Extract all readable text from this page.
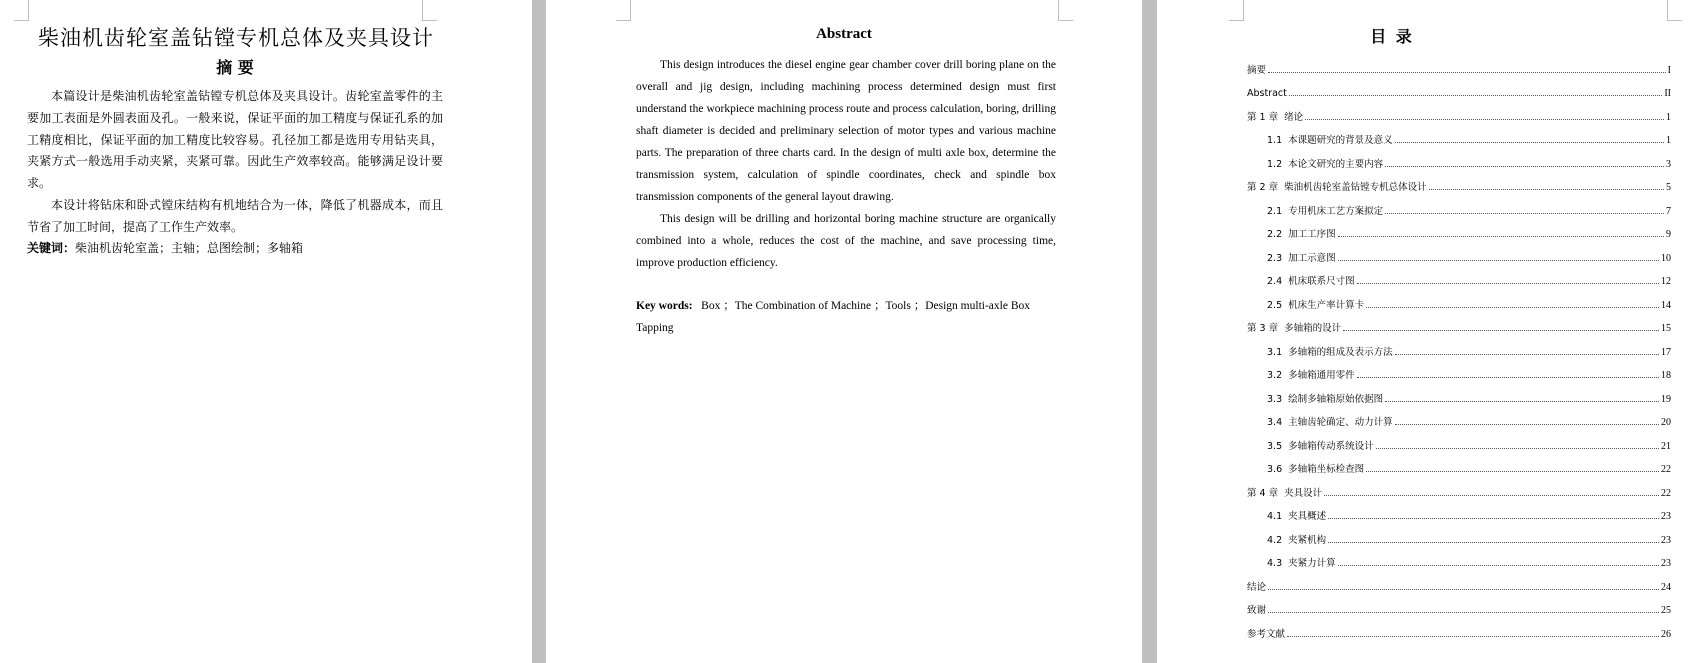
柴油机齿轮室盖钻镗专机总体及夹具设计
摘 要

本篇设计是柴油机齿轮室盖钻镗专机总体及夹具设计。齿轮室盖零件的主要加工表面是外圆表面及孔。一般来说，保证平面的加工精度与保证孔系的加工精度相比，保证平面的加工精度比较容易。孔径加工都是选用专用钻夹具，夹紧方式一般选用手动夹紧，夹紧可靠。因此生产效率较高。能够满足设计要求。

本设计将钻床和卧式镗床结构有机地结合为一体，降低了机器成本，而且节省了加工时间，提高了工作生产效率。

关键词：柴油机齿轮室盖；主轴；总图绘制；多轴箱
Abstract

This design introduces the diesel engine gear chamber cover drill boring plane on the overall and jig design, including machining process determined design must first understand the workpiece machining process route and process calculation, boring, drilling shaft diameter is decided and preliminary selection of motor types and various machine parts. The preparation of three charts card. In the design of multi axle box, determine the transmission system, calculation of spindle coordinates, check and spindle box transmission components of the general layout drawing.

This design will be drilling and horizontal boring machine structure are organically combined into a whole, reduces the cost of the machine, and save processing time, improve production efficiency.

Key words: Box ；The Combination of Machine ；Tools ；Design multi-axle Box Tapping
目 录
摘要	I
Abstract	II
第 1 章 绪论	1
1.1 本课题研究的背景及意义	1
1.2 本论文研究的主要内容	3
第 2 章 柴油机齿轮室盖钻镗专机总体设计	5
2.1 专用机床工艺方案拟定	7
2.2 加工工序图	9
2.3 加工示意图	10
2.4 机床联系尺寸图	12
2.5 机床生产率计算卡	14
第 3 章 多轴箱的设计	15
3.1 多轴箱的组成及表示方法	17
3.2 多轴箱通用零件	18
3.3 绘制多轴箱原始依据图	19
3.4 主轴齿轮确定、动力计算	20
3.5 多轴箱传动系统设计	21
3.6 多轴箱坐标检查图	22
第 4 章 夹具设计	22
4.1 夹具概述	23
4.2 夹紧机构	23
4.3 夹紧力计算	23
结论	24
致谢	25
参考文献	26
